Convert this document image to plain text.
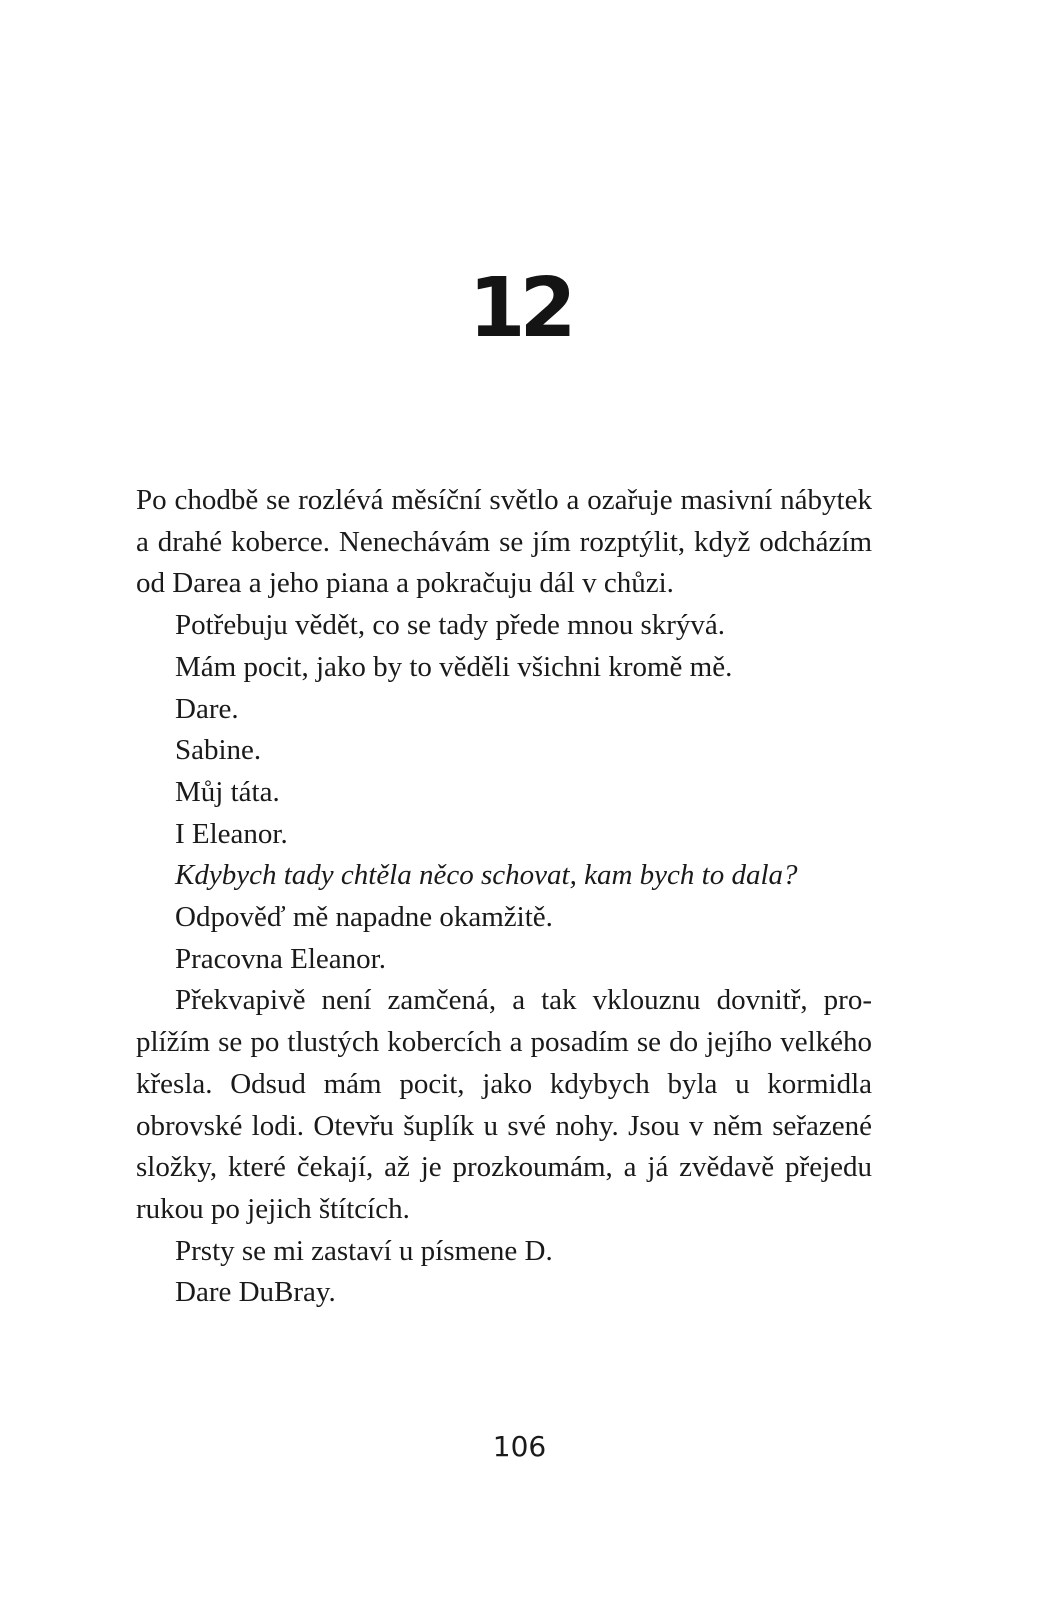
12

Po chodbě se rozlévá měsíční světlo a ozařuje masivní nábytek a drahé koberce. Nenechávám se jím rozptýlit, když odcházím od Darea a jeho piana a pokračuju dál v chůzi.

Potřebuju vědět, co se tady přede mnou skrývá.

Mám pocit, jako by to věděli všichni kromě mě.

Dare.

Sabine.

Můj táta.

I Eleanor.

Kdybych tady chtěla něco schovat, kam bych to dala?

Odpověď mě napadne okamžitě.

Pracovna Eleanor.

Překvapivě není zamčená, a tak vklouznu dovnitř, proplížím se po tlustých kobercích a posadím se do jejího velkého křesla. Odsud mám pocit, jako kdybych byla u kormidla obrovské lodi. Otevřu šuplík u své nohy. Jsou v něm seřazené složky, které čekají, až je prozkoumám, a já zvědavě přejedu rukou po jejich štítcích.

Prsty se mi zastaví u písmene D.

Dare DuBray.

106
